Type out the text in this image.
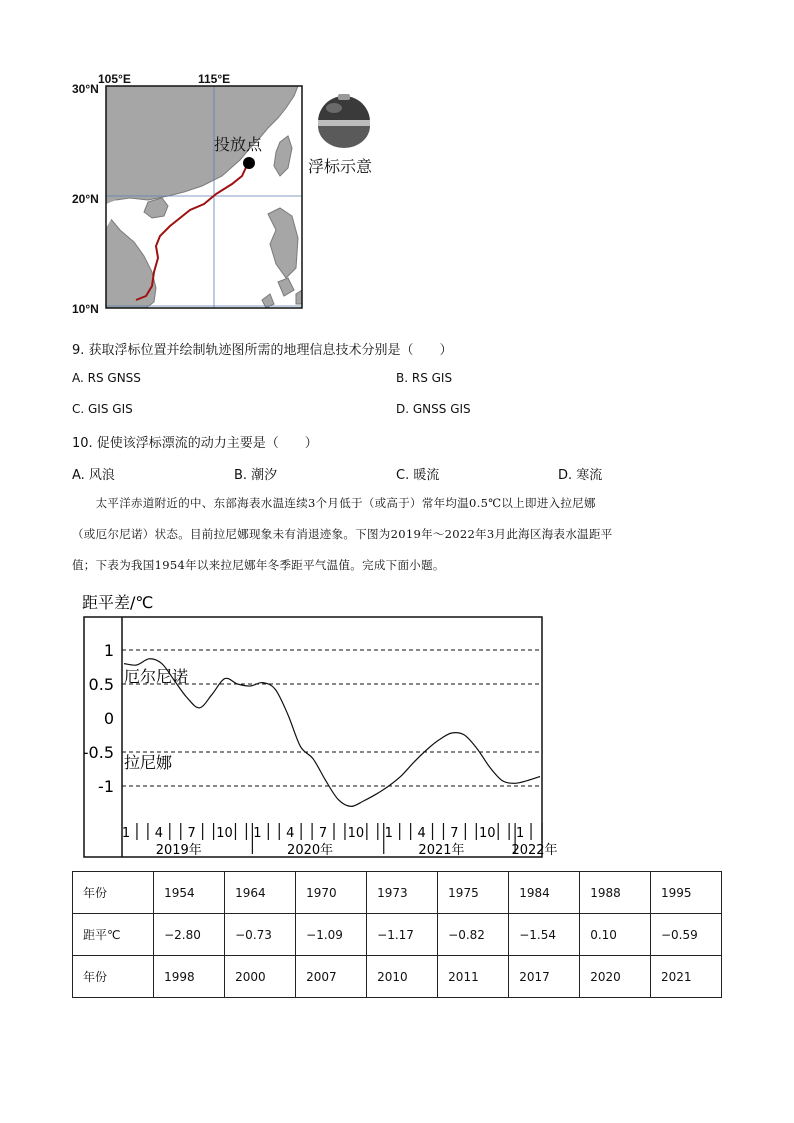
105°E	115°E
30°N
20°N
10°N
投放点
浮标示意
9. 获取浮标位置并绘制轨迹图所需的地理信息技术分别是（　　）
A. RS GNSS	B. RS GIS
C. GIS GIS	D. GNSS GIS
10. 促使该浮标漂流的动力主要是（　　）
A. 风浪	B. 潮汐	C. 暖流	D. 寒流
　　太平洋赤道附近的中、东部海表水温连续3个月低于（或高于）常年均温0.5℃以上即进入拉尼娜
（或厄尔尼诺）状态。目前拉尼娜现象未有消退迹象。下图为2019年～2022年3月此海区海表水温距平
值；下表为我国1954年以来拉尼娜年冬季距平气温值。完成下面小题。
距平差/℃
1
0.5
0
-0.5
-1
厄尔尼诺
拉尼娜
1 4 7 10 1 4 7 10 1 4 7 10 1
2019年	2020年	2021年	2022年
年份	1954	1964	1970	1973	1975	1984	1988	1995
距平℃	−2.80	−0.73	−1.09	−1.17	−0.82	−1.54	0.10	−0.59
年份	1998	2000	2007	2010	2011	2017	2020	2021
